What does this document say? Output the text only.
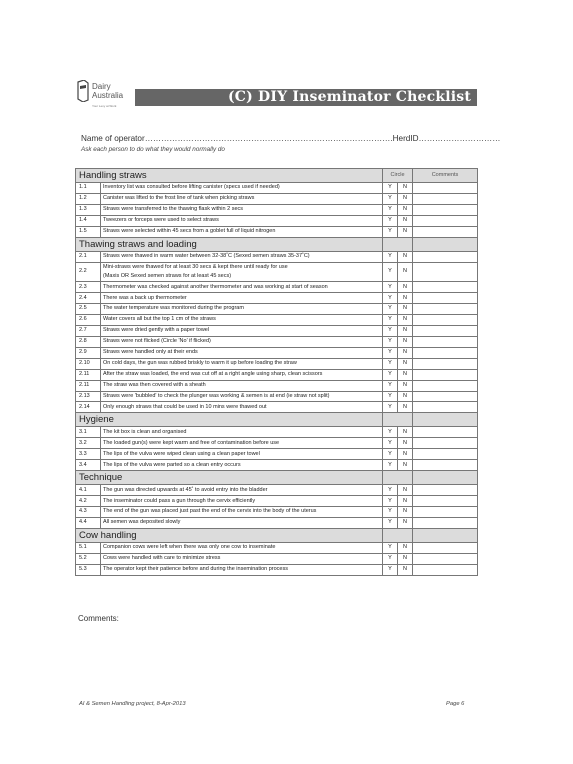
Dairy
Australia
Your Levy at Work
(C) DIY Inseminator Checklist
Name of operator……………………………………………………………………………….HerdID…………………………
Ask each person to do what they would normally do
Handling straws		Circle		Comments
1.1	Inventory list was consulted before lifting canister (specs used if needed)	Y	N	
1.2	Canister was lifted to the frost line of tank when picking straws	Y	N	
1.3	Straws were transferred to the thawing flask within 2 secs	Y	N	
1.4	Tweezers or forceps were used to select straws	Y	N	
1.5	Straws were selected within 45 secs from a goblet full of liquid nitrogen	Y	N	
Thawing straws and loading				
2.1	Straws were thawed in warm water between 32-38˚C (Sexed semen straws 35-37˚C)	Y	N	
2.2	Mini-straws were thawed for at least 30 secs & kept there until ready for use
(Maxis OR Sexed semen straws for at least 45 secs)	Y	N	
2.3	Thermometer was checked against another thermometer and was working at start of season	Y	N	
2.4	There was a back up thermometer	Y	N	
2.5	The water temperature was monitored during the program	Y	N	
2.6	Water covers all but the top 1 cm of the straws	Y	N	
2.7	Straws were dried gently with a paper towel	Y	N	
2.8	Straws were not flicked (Circle 'No' if flicked)	Y	N	
2.9	Straws were handled only at their ends	Y	N	
2.10	On cold days, the gun was rubbed briskly to warm it up before loading the straw	Y	N	
2.11	After the straw was loaded, the end was cut off at a right angle using sharp, clean scissors	Y	N	
2.11	The straw was then covered with a sheath	Y	N	
2.13	Straws were 'bubbled' to check the plunger was working & semen is at end (ie straw not split)	Y	N	
2.14	Only enough straws that could be used in 10 mins were thawed out	Y	N	
Hygiene				
3.1	The kit box is clean and organised	Y	N	
3.2	The loaded gun(s) were kept warm and free of contamination before use	Y	N	
3.3	The lips of the vulva were wiped clean using a clean paper towel	Y	N	
3.4	The lips of the vulva were parted so a clean entry occurs	Y	N	
Technique				
4.1	The gun was directed upwards at 45˚ to avoid entry into the bladder	Y	N	
4.2	The inseminator could pass a gun through the cervix efficiently	Y	N	
4.3	The end of the gun was placed just past the end of the cervix into the body of the uterus	Y	N	
4.4	All semen was deposited slowly	Y	N	
Cow handling				
5.1	Companion cows were left when there was only one cow to inseminate	Y	N	
5.2	Cows were handled with care to minimize stress	Y	N	
5.3	The operator kept their patience before and during the insemination process	Y	N	
Comments:
AI & Semen Handling project, 8-Apr-2013	Page 6
